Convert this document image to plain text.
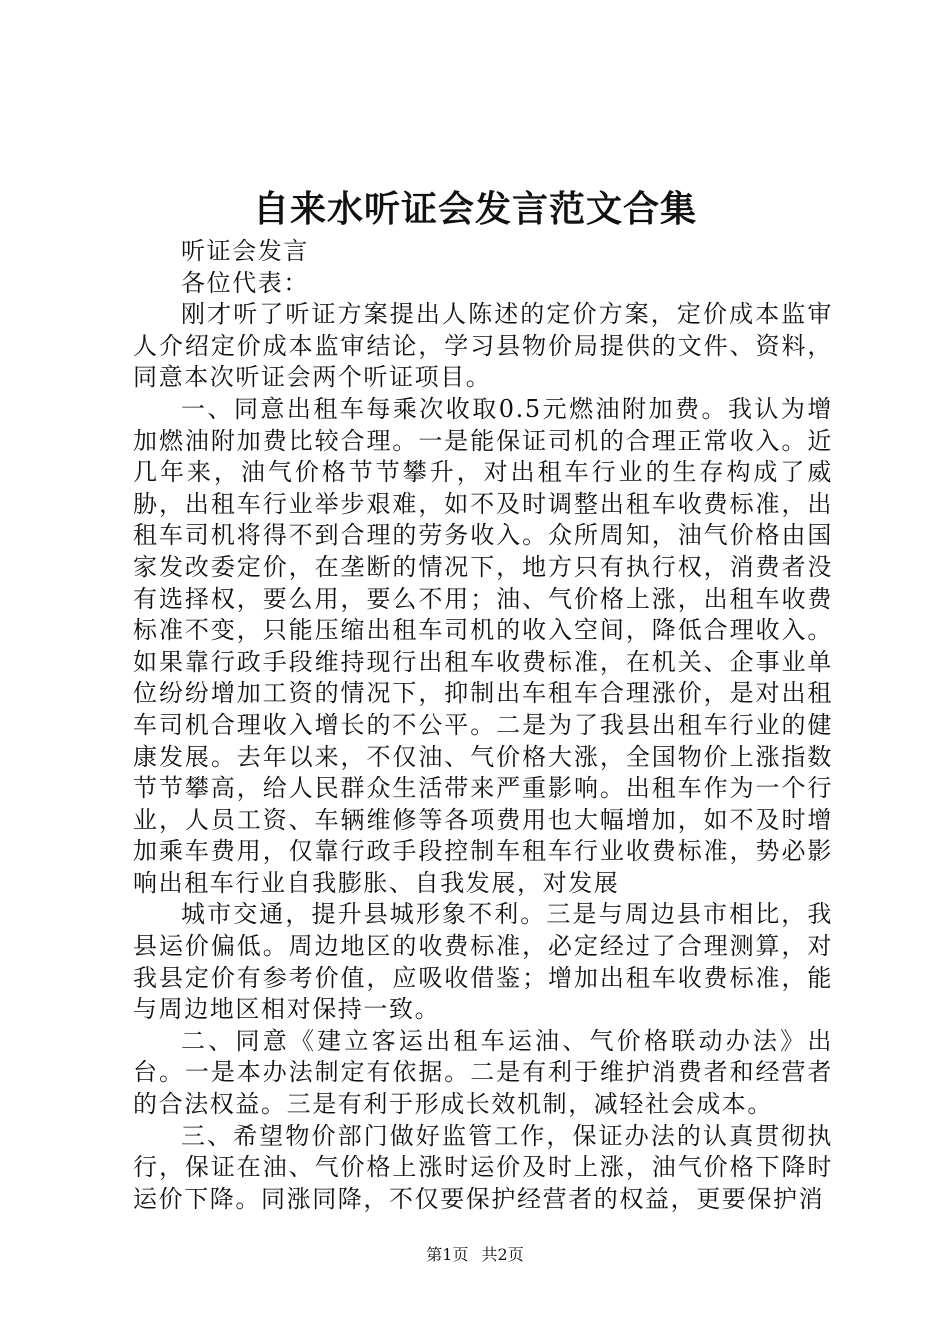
自来水听证会发言范文合集

听证会发言

各位代表：

刚才听了听证方案提出人陈述的定价方案，定价成本监审人介绍定价成本监审结论，学习县物价局提供的文件、资料，同意本次听证会两个听证项目。

一、同意出租车每乘次收取0.5元燃油附加费。我认为增加燃油附加费比较合理。一是能保证司机的合理正常收入。近几年来，油气价格节节攀升，对出租车行业的生存构成了威胁，出租车行业举步艰难，如不及时调整出租车收费标准，出租车司机将得不到合理的劳务收入。众所周知，油气价格由国家发改委定价，在垄断的情况下，地方只有执行权，消费者没有选择权，要么用，要么不用；油、气价格上涨，出租车收费标准不变，只能压缩出租车司机的收入空间，降低合理收入。如果靠行政手段维持现行出租车收费标准，在机关、企事业单位纷纷增加工资的情况下，抑制出车租车合理涨价，是对出租车司机合理收入增长的不公平。二是为了我县出租车行业的健康发展。去年以来，不仅油、气价格大涨，全国物价上涨指数节节攀高，给人民群众生活带来严重影响。出租车作为一个行业，人员工资、车辆维修等各项费用也大幅增加，如不及时增加乘车费用，仅靠行政手段控制车租车行业收费标准，势必影响出租车行业自我膨胀、自我发展，对发展

城市交通，提升县城形象不利。三是与周边县市相比，我县运价偏低。周边地区的收费标准，必定经过了合理测算，对我县定价有参考价值，应吸收借鉴；增加出租车收费标准，能与周边地区相对保持一致。

二、同意《建立客运出租车运油、气价格联动办法》出台。一是本办法制定有依据。二是有利于维护消费者和经营者的合法权益。三是有利于形成长效机制，减轻社会成本。

三、希望物价部门做好监管工作，保证办法的认真贯彻执行，保证在油、气价格上涨时运价及时上涨，油气价格下降时运价下降。同涨同降，不仅要保护经营者的权益，更要保护消

第1页 共2页
